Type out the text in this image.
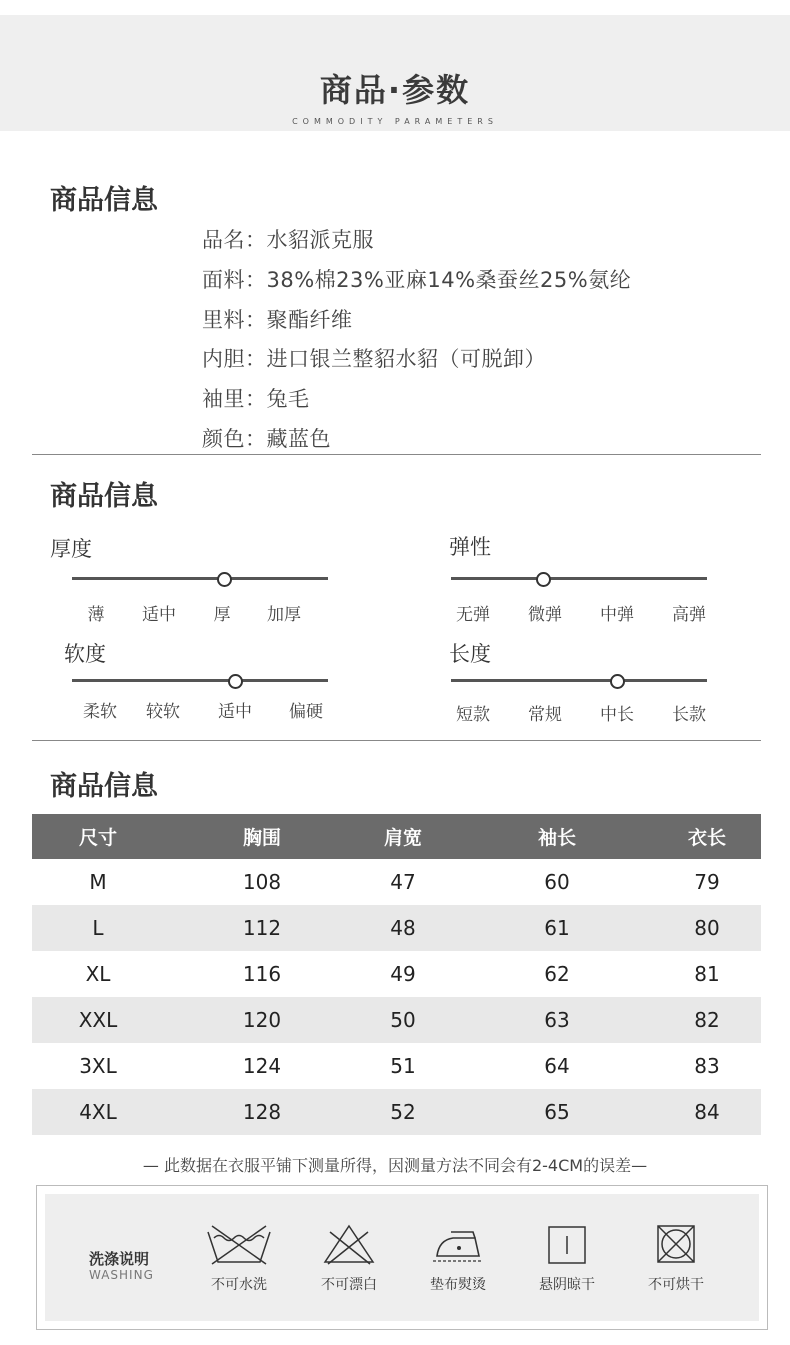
商品·参数
COMMODITY PARAMETERS
商品信息
品名：水貂派克服
面料：38%棉23%亚麻14%桑蚕丝25%氨纶
里料：聚酯纤维
内胆：进口银兰整貂水貂（可脱卸）
袖里：兔毛
颜色：藏蓝色
商品信息
厚度
薄	适中	厚	加厚
弹性
无弹	微弹	中弹	高弹
软度
柔软	较软	适中	偏硬
长度
短款	常规	中长	长款
商品信息
尺寸	胸围	肩宽	袖长	衣长
M	108	47	60	79
L	112	48	61	80
XL	116	49	62	81
XXL	120	50	63	82
3XL	124	51	64	83
4XL	128	52	65	84
— 此数据在衣服平铺下测量所得，因测量方法不同会有2-4CM的误差—
洗涤说明
WASHING
不可水洗	不可漂白	垫布熨烫	悬阴晾干	不可烘干
